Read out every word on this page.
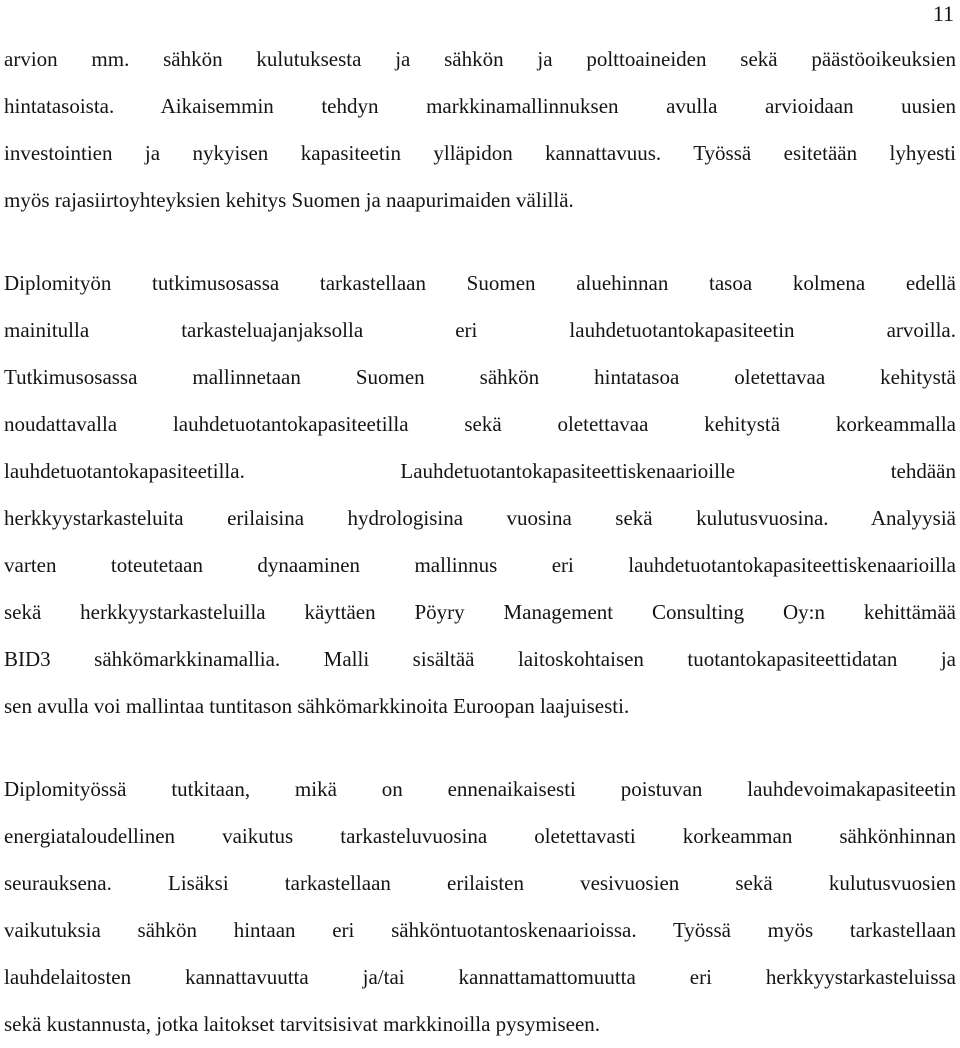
11
arvion mm. sähkön kulutuksesta ja sähkön ja polttoaineiden sekä päästöoikeuksien
hintatasoista. Aikaisemmin tehdyn markkinamallinnuksen avulla arvioidaan uusien
investointien ja nykyisen kapasiteetin ylläpidon kannattavuus. Työssä esitetään lyhyesti
myös rajasiirtoyhteyksien kehitys Suomen ja naapurimaiden välillä.
Diplomityön tutkimusosassa tarkastellaan Suomen aluehinnan tasoa kolmena edellä
mainitulla tarkasteluajanjaksolla eri lauhdetuotantokapasiteetin arvoilla.
Tutkimusosassa mallinnetaan Suomen sähkön hintatasoa oletettavaa kehitystä
noudattavalla lauhdetuotantokapasiteetilla sekä oletettavaa kehitystä korkeammalla
lauhdetuotantokapasiteetilla. Lauhdetuotantokapasiteettiskenaarioille tehdään
herkkyystarkasteluita erilaisina hydrologisina vuosina sekä kulutusvuosina. Analyysiä
varten toteutetaan dynaaminen mallinnus eri lauhdetuotantokapasiteettiskenaarioilla
sekä herkkyystarkasteluilla käyttäen Pöyry Management Consulting Oy:n kehittämää
BID3 sähkömarkkinamallia. Malli sisältää laitoskohtaisen tuotantokapasiteettidatan ja
sen avulla voi mallintaa tuntitason sähkömarkkinoita Euroopan laajuisesti.
Diplomityössä tutkitaan, mikä on ennenaikaisesti poistuvan lauhdevoimakapasiteetin
energiataloudellinen vaikutus tarkasteluvuosina oletettavasti korkeamman sähkönhinnan
seurauksena. Lisäksi tarkastellaan erilaisten vesivuosien sekä kulutusvuosien
vaikutuksia sähkön hintaan eri sähköntuotantoskenaarioissa. Työssä myös tarkastellaan
lauhdelaitosten kannattavuutta ja/tai kannattamattomuutta eri herkkyystarkasteluissa
sekä kustannusta, jotka laitokset tarvitsisivat markkinoilla pysymiseen.
